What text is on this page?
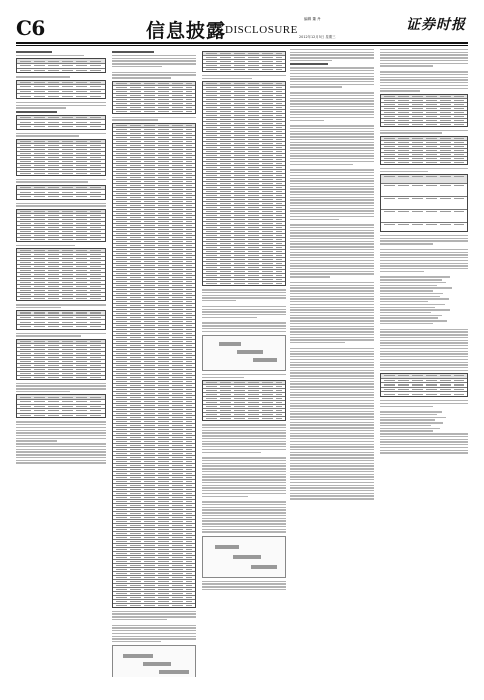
C6	信息披露
DISCLOSURE
编辑 董 丹
2012年12月5日 星期三
证券时报
